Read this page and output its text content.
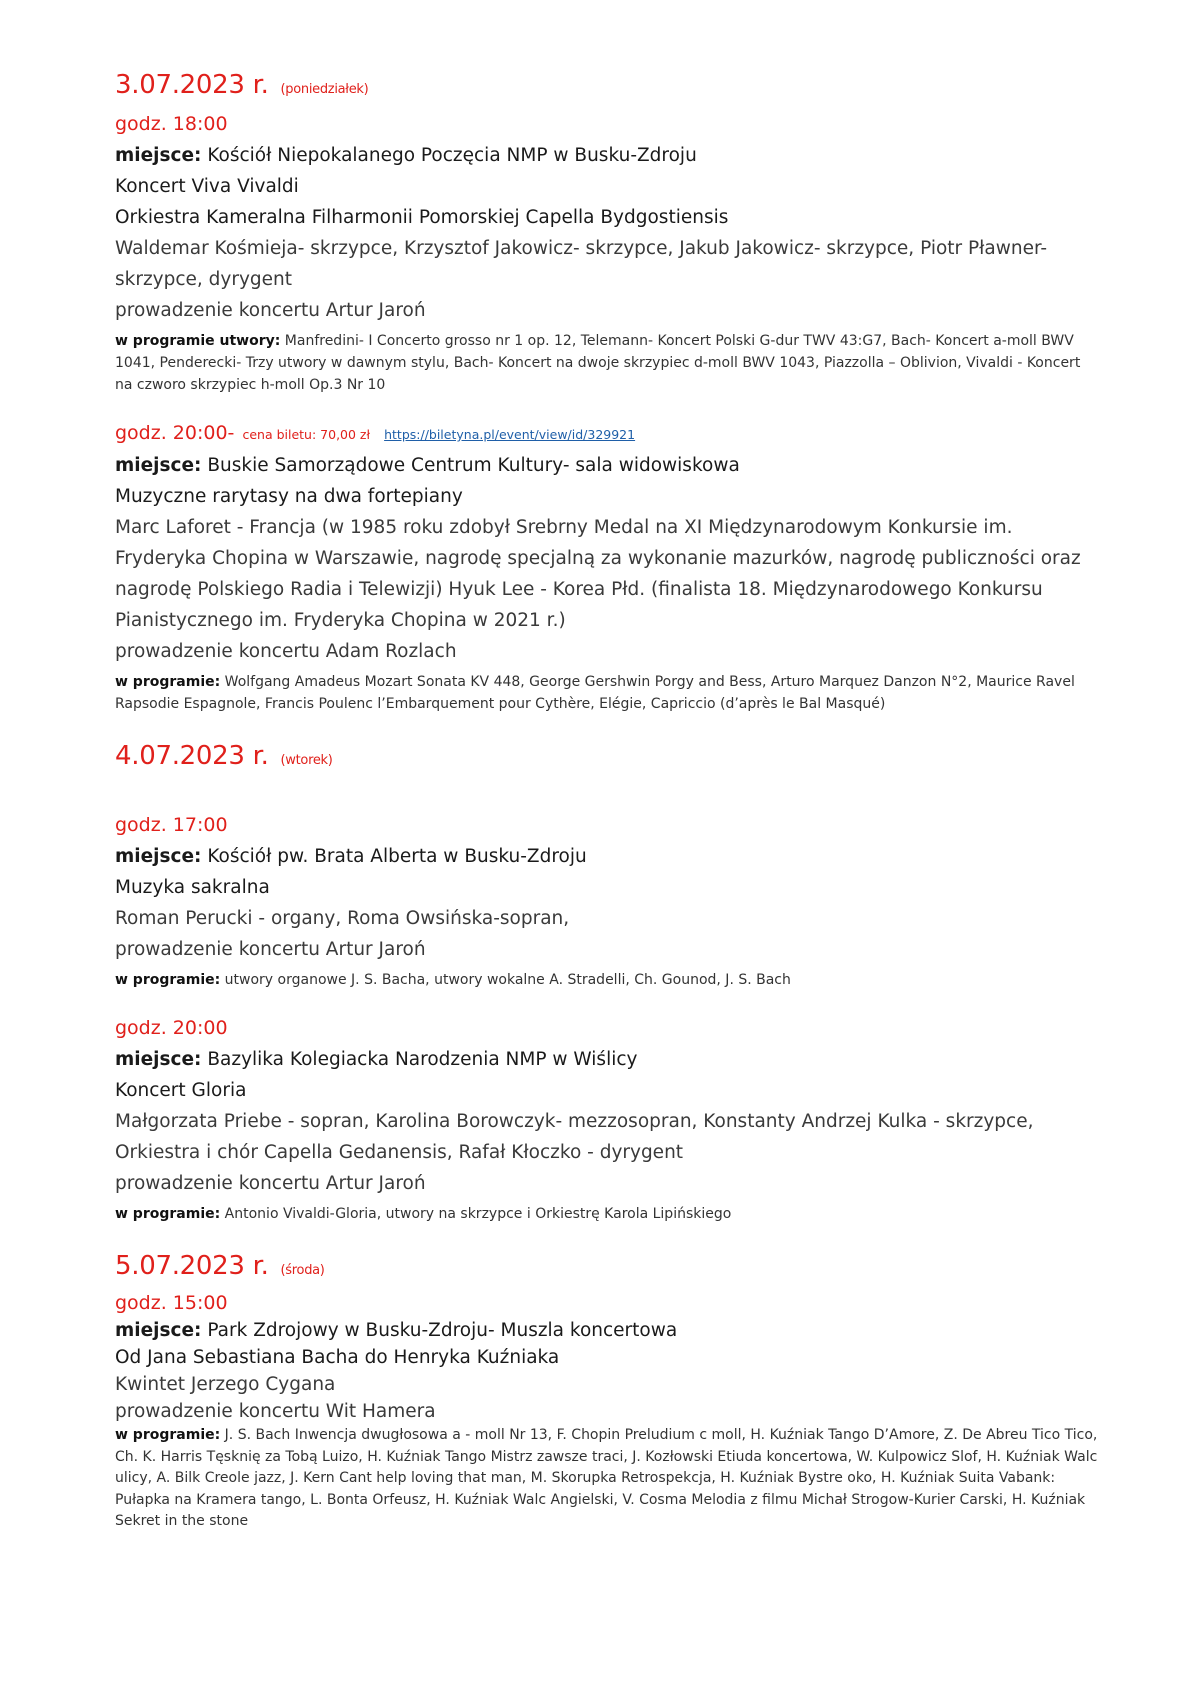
3.07.2023 r. (poniedziałek)
godz. 18:00
miejsce: Kościół Niepokalanego Poczęcia NMP w Busku-Zdroju
Koncert Viva Vivaldi
Orkiestra Kameralna Filharmonii Pomorskiej Capella Bydgostiensis
Waldemar Kośmieja- skrzypce, Krzysztof Jakowicz- skrzypce, Jakub Jakowicz- skrzypce, Piotr Pławner- skrzypce, dyrygent
prowadzenie koncertu Artur Jaroń
w programie utwory: Manfredini- I Concerto grosso nr 1 op. 12, Telemann- Koncert Polski G-dur TWV 43:G7, Bach- Koncert a-moll BWV 1041, Penderecki- Trzy utwory w dawnym stylu, Bach- Koncert na dwoje skrzypiec d-moll BWV 1043, Piazzolla – Oblivion, Vivaldi - Koncert na czworo skrzypiec h-moll Op.3 Nr 10
godz. 20:00- cena biletu: 70,00 zł https://biletyna.pl/event/view/id/329921
miejsce: Buskie Samorządowe Centrum Kultury- sala widowiskowa
Muzyczne rarytasy na dwa fortepiany
Marc Laforet - Francja (w 1985 roku zdobył Srebrny Medal na XI Międzynarodowym Konkursie im. Fryderyka Chopina w Warszawie, nagrodę specjalną za wykonanie mazurków, nagrodę publiczności oraz nagrodę Polskiego Radia i Telewizji) Hyuk Lee - Korea Płd. (finalista 18. Międzynarodowego Konkursu Pianistycznego im. Fryderyka Chopina w 2021 r.)
prowadzenie koncertu Adam Rozlach
w programie: Wolfgang Amadeus Mozart Sonata KV 448, George Gershwin Porgy and Bess, Arturo Marquez Danzon N°2, Maurice Ravel Rapsodie Espagnole, Francis Poulenc l’Embarquement pour Cythère, Elégie, Capriccio (d’après le Bal Masqué)
4.07.2023 r. (wtorek)
godz. 17:00
miejsce: Kościół pw. Brata Alberta w Busku-Zdroju
Muzyka sakralna
Roman Perucki - organy, Roma Owsińska-sopran,
prowadzenie koncertu Artur Jaroń
w programie: utwory organowe J. S. Bacha, utwory wokalne A. Stradelli, Ch. Gounod, J. S. Bach
godz. 20:00
miejsce: Bazylika Kolegiacka Narodzenia NMP w Wiślicy
Koncert Gloria
Małgorzata Priebe - sopran, Karolina Borowczyk- mezzosopran, Konstanty Andrzej Kulka - skrzypce, Orkiestra i chór Capella Gedanensis, Rafał Kłoczko - dyrygent
prowadzenie koncertu Artur Jaroń
w programie: Antonio Vivaldi-Gloria, utwory na skrzypce i Orkiestrę Karola Lipińskiego
5.07.2023 r. (środa)
godz. 15:00
miejsce: Park Zdrojowy w Busku-Zdroju- Muszla koncertowa
Od Jana Sebastiana Bacha do Henryka Kuźniaka
Kwintet Jerzego Cygana
prowadzenie koncertu Wit Hamera
w programie: J. S. Bach Inwencja dwugłosowa a - moll Nr 13, F. Chopin Preludium c moll, H. Kuźniak Tango D’Amore, Z. De Abreu Tico Tico, Ch. K. Harris Tęsknię za Tobą Luizo, H. Kuźniak Tango Mistrz zawsze traci, J. Kozłowski Etiuda koncertowa, W. Kulpowicz Slof, H. Kuźniak Walc ulicy, A. Bilk Creole jazz, J. Kern Cant help loving that man, M. Skorupka Retrospekcja, H. Kuźniak Bystre oko, H. Kuźniak Suita Vabank: Pułapka na Kramera tango, L. Bonta Orfeusz, H. Kuźniak Walc Angielski, V. Cosma Melodia z filmu Michał Strogow-Kurier Carski, H. Kuźniak Sekret in the stone
